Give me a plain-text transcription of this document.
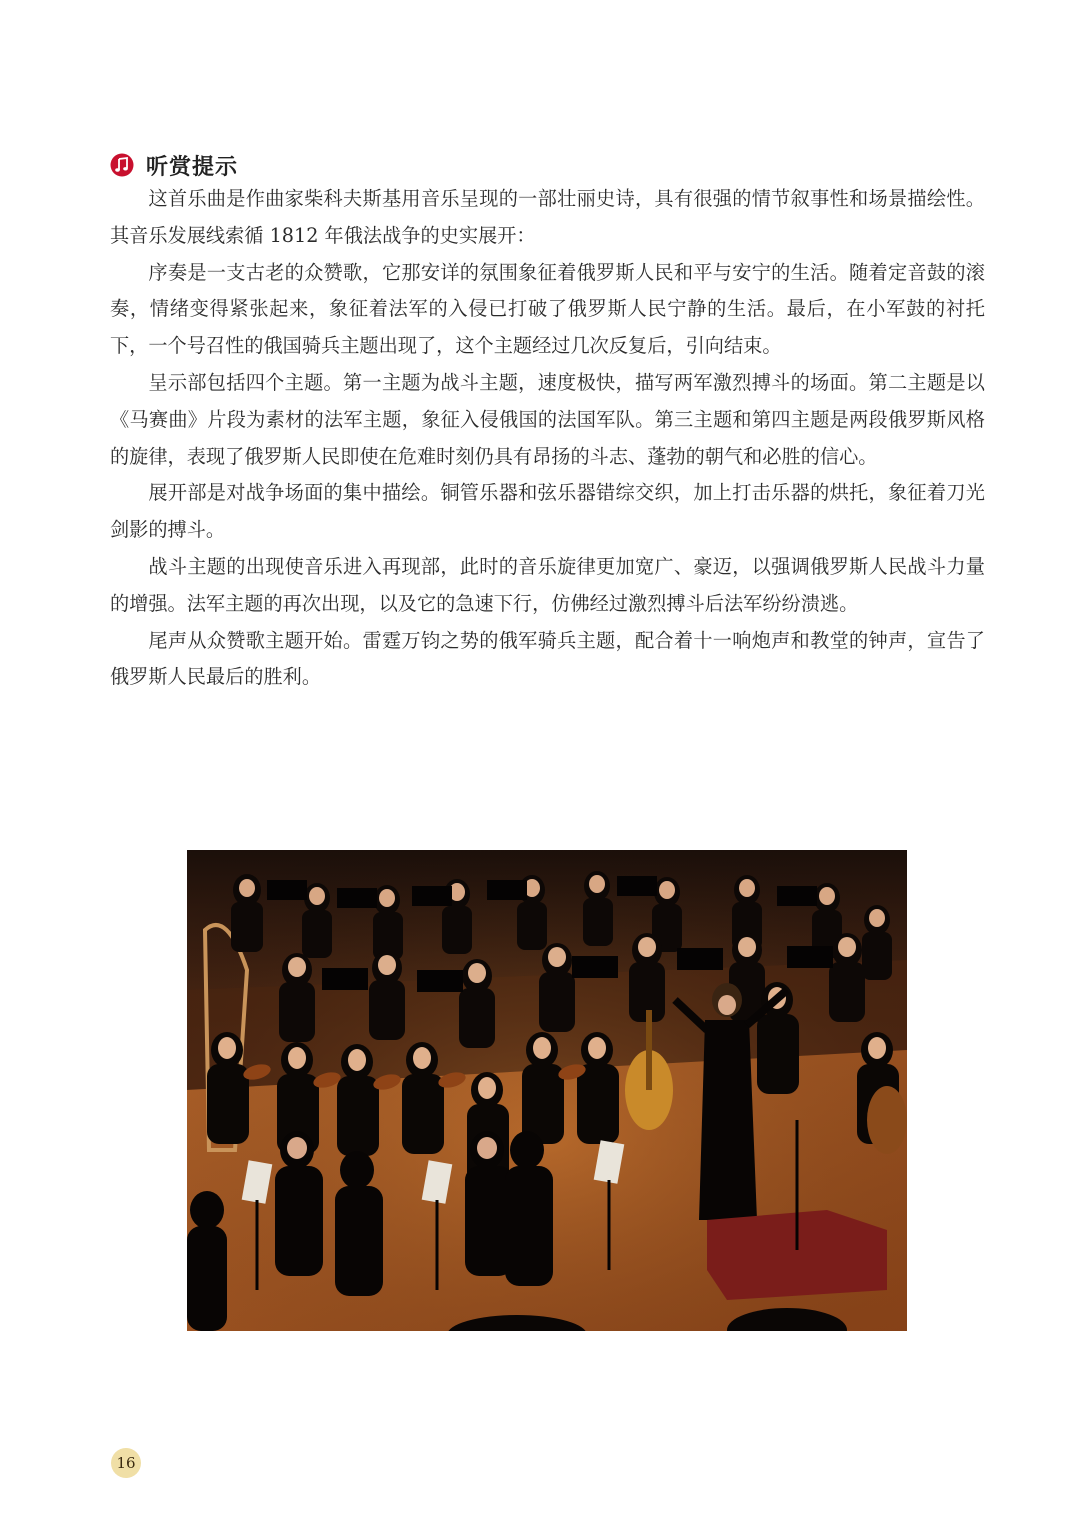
听赏提示

这首乐曲是作曲家柴科夫斯基用音乐呈现的一部壮丽史诗，具有很强的情节叙事性和场景描绘性。其音乐发展线索循 1812 年俄法战争的史实展开：

序奏是一支古老的众赞歌，它那安详的氛围象征着俄罗斯人民和平与安宁的生活。随着定音鼓的滚奏，情绪变得紧张起来，象征着法军的入侵已打破了俄罗斯人民宁静的生活。最后，在小军鼓的衬托下，一个号召性的俄国骑兵主题出现了，这个主题经过几次反复后，引向结束。

呈示部包括四个主题。第一主题为战斗主题，速度极快，描写两军激烈搏斗的场面。第二主题是以《马赛曲》片段为素材的法军主题，象征入侵俄国的法国军队。第三主题和第四主题是两段俄罗斯风格的旋律，表现了俄罗斯人民即使在危难时刻仍具有昂扬的斗志、蓬勃的朝气和必胜的信心。

展开部是对战争场面的集中描绘。铜管乐器和弦乐器错综交织，加上打击乐器的烘托，象征着刀光剑影的搏斗。

战斗主题的出现使音乐进入再现部，此时的音乐旋律更加宽广、豪迈，以强调俄罗斯人民战斗力量的增强。法军主题的再次出现，以及它的急速下行，仿佛经过激烈搏斗后法军纷纷溃逃。

尾声从众赞歌主题开始。雷霆万钧之势的俄军骑兵主题，配合着十一响炮声和教堂的钟声，宣告了俄罗斯人民最后的胜利。

16
